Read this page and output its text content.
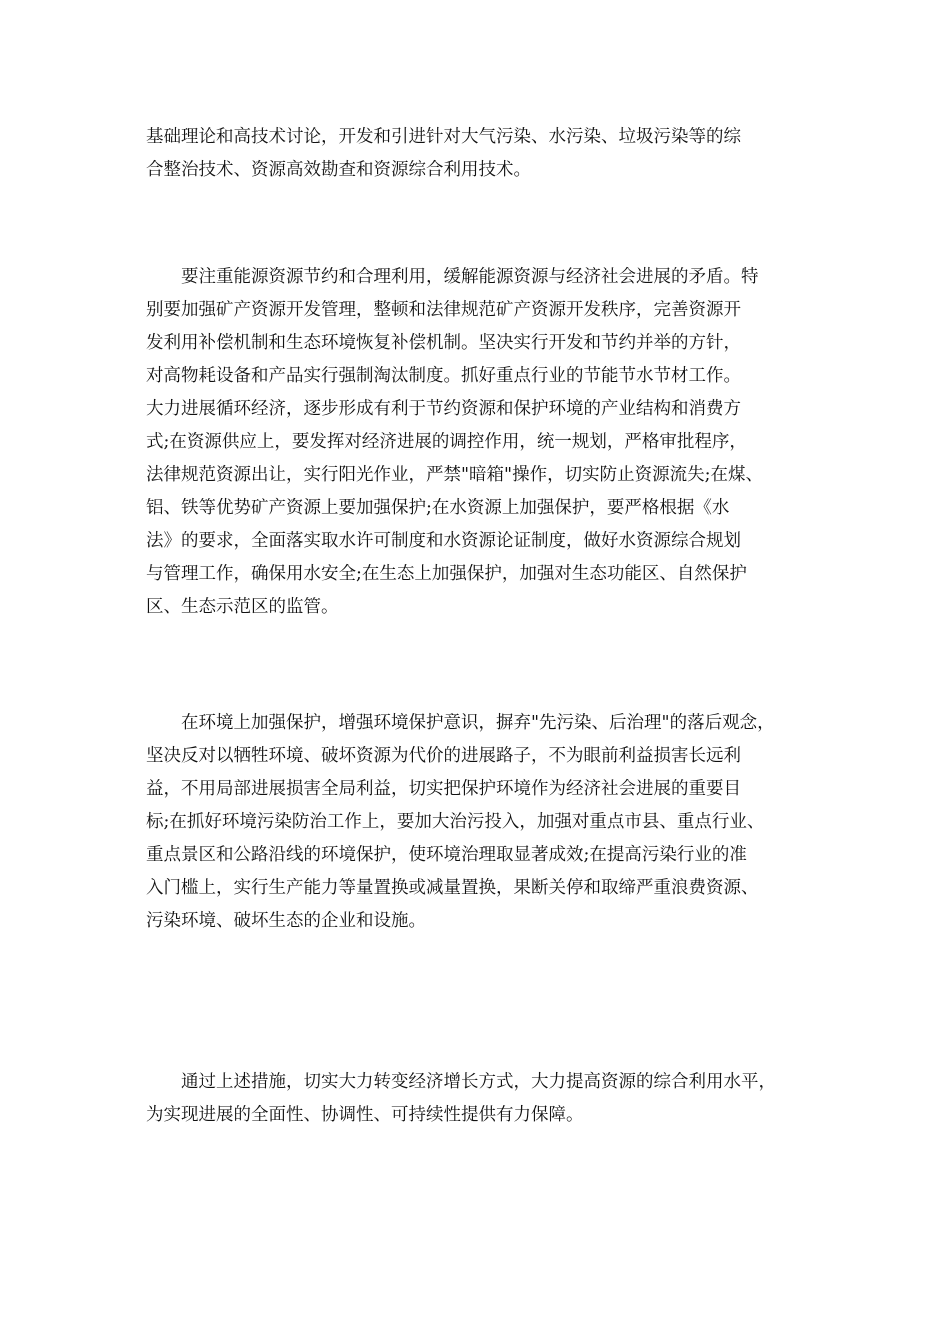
基础理论和高技术讨论，开发和引进针对大气污染、水污染、垃圾污染等的综
合整治技术、资源高效勘查和资源综合利用技术。
　　要注重能源资源节约和合理利用，缓解能源资源与经济社会进展的矛盾。特
别要加强矿产资源开发管理，整顿和法律规范矿产资源开发秩序，完善资源开
发利用补偿机制和生态环境恢复补偿机制。坚决实行开发和节约并举的方针，
对高物耗设备和产品实行强制淘汰制度。抓好重点行业的节能节水节材工作。
大力进展循环经济，逐步形成有利于节约资源和保护环境的产业结构和消费方
式;在资源供应上，要发挥对经济进展的调控作用，统一规划，严格审批程序，
法律规范资源出让，实行阳光作业，严禁"暗箱"操作，切实防止资源流失;在煤、
铝、铁等优势矿产资源上要加强保护;在水资源上加强保护，要严格根据《水
法》的要求，全面落实取水许可制度和水资源论证制度，做好水资源综合规划
与管理工作，确保用水安全;在生态上加强保护，加强对生态功能区、自然保护
区、生态示范区的监管。
　　在环境上加强保护，增强环境保护意识，摒弃"先污染、后治理"的落后观念，
坚决反对以牺牲环境、破坏资源为代价的进展路子，不为眼前利益损害长远利
益，不用局部进展损害全局利益，切实把保护环境作为经济社会进展的重要目
标;在抓好环境污染防治工作上，要加大治污投入，加强对重点市县、重点行业、
重点景区和公路沿线的环境保护，使环境治理取显著成效;在提高污染行业的准
入门槛上，实行生产能力等量置换或减量置换，果断关停和取缔严重浪费资源、
污染环境、破坏生态的企业和设施。
　　通过上述措施，切实大力转变经济增长方式，大力提高资源的综合利用水平，
为实现进展的全面性、协调性、可持续性提供有力保障。
